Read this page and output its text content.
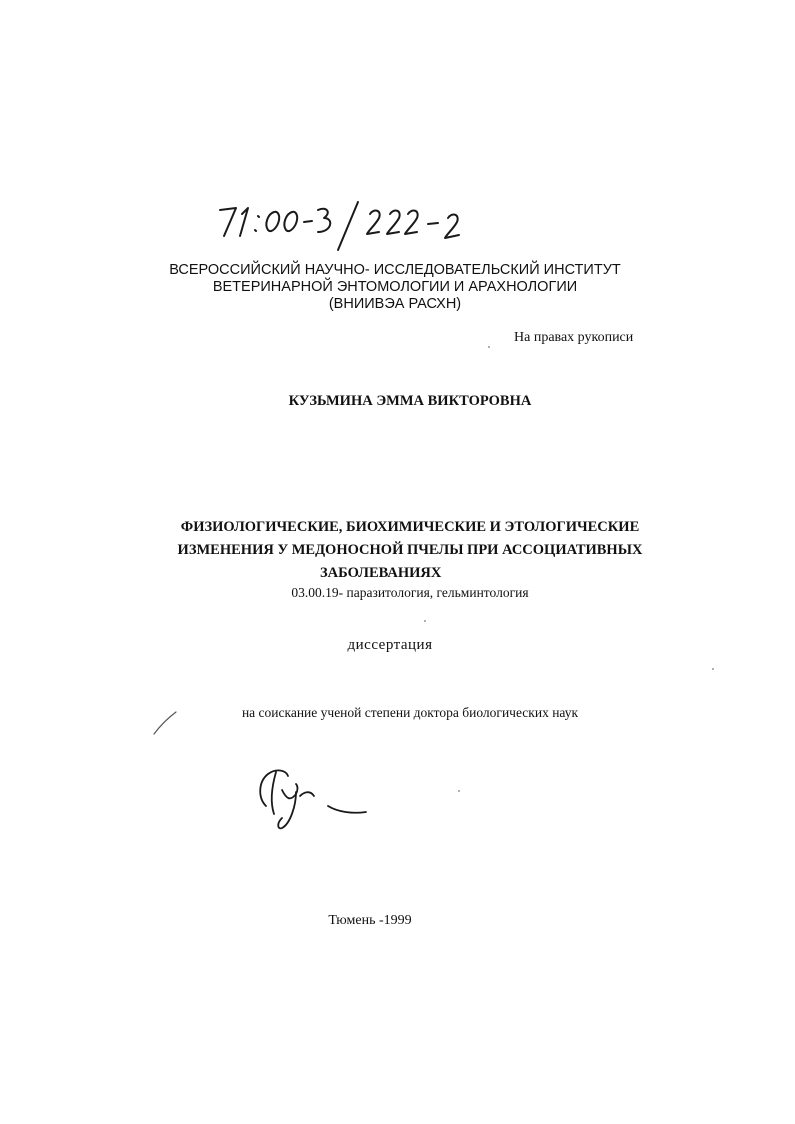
ВСЕРОССИЙСКИЙ НАУЧНО- ИССЛЕДОВАТЕЛЬСКИЙ ИНСТИТУТ
ВЕТЕРИНАРНОЙ ЭНТОМОЛОГИИ И АРАХНОЛОГИИ
(ВНИИВЭА РАСХН)
На правах рукописи
КУЗЬМИНА ЭММА ВИКТОРОВНА
ФИЗИОЛОГИЧЕСКИЕ, БИОХИМИЧЕСКИЕ И ЭТОЛОГИЧЕСКИЕ
ИЗМЕНЕНИЯ У МЕДОНОСНОЙ ПЧЕЛЫ ПРИ АССОЦИАТИВНЫХ
ЗАБОЛЕВАНИЯХ
03.00.19- паразитология, гельминтология
диссертация
на соискание ученой степени доктора биологических наук
Тюмень -1999
